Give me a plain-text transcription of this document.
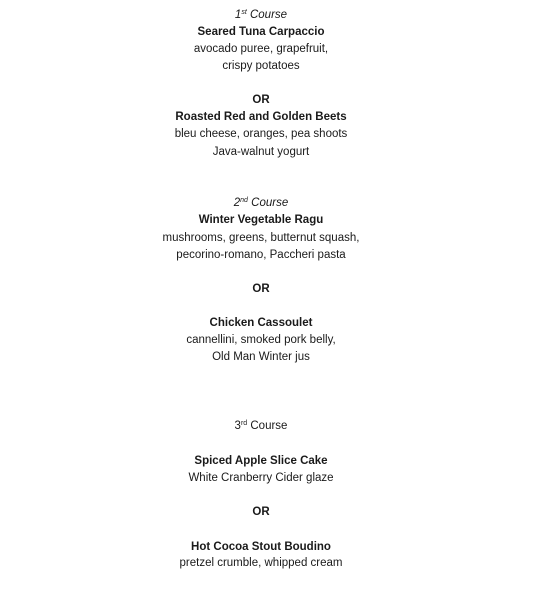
1st Course
Seared Tuna Carpaccio
avocado puree, grapefruit,
crispy potatoes
OR
Roasted Red and Golden Beets
bleu cheese, oranges, pea shoots
Java-walnut yogurt
2nd Course
Winter Vegetable Ragu
mushrooms, greens, butternut squash,
pecorino-romano, Paccheri pasta
OR
Chicken Cassoulet
cannellini, smoked pork belly,
Old Man Winter jus
3rd Course
Spiced Apple Slice Cake
White Cranberry Cider glaze
OR
Hot Cocoa Stout Boudino
pretzel crumble, whipped cream
